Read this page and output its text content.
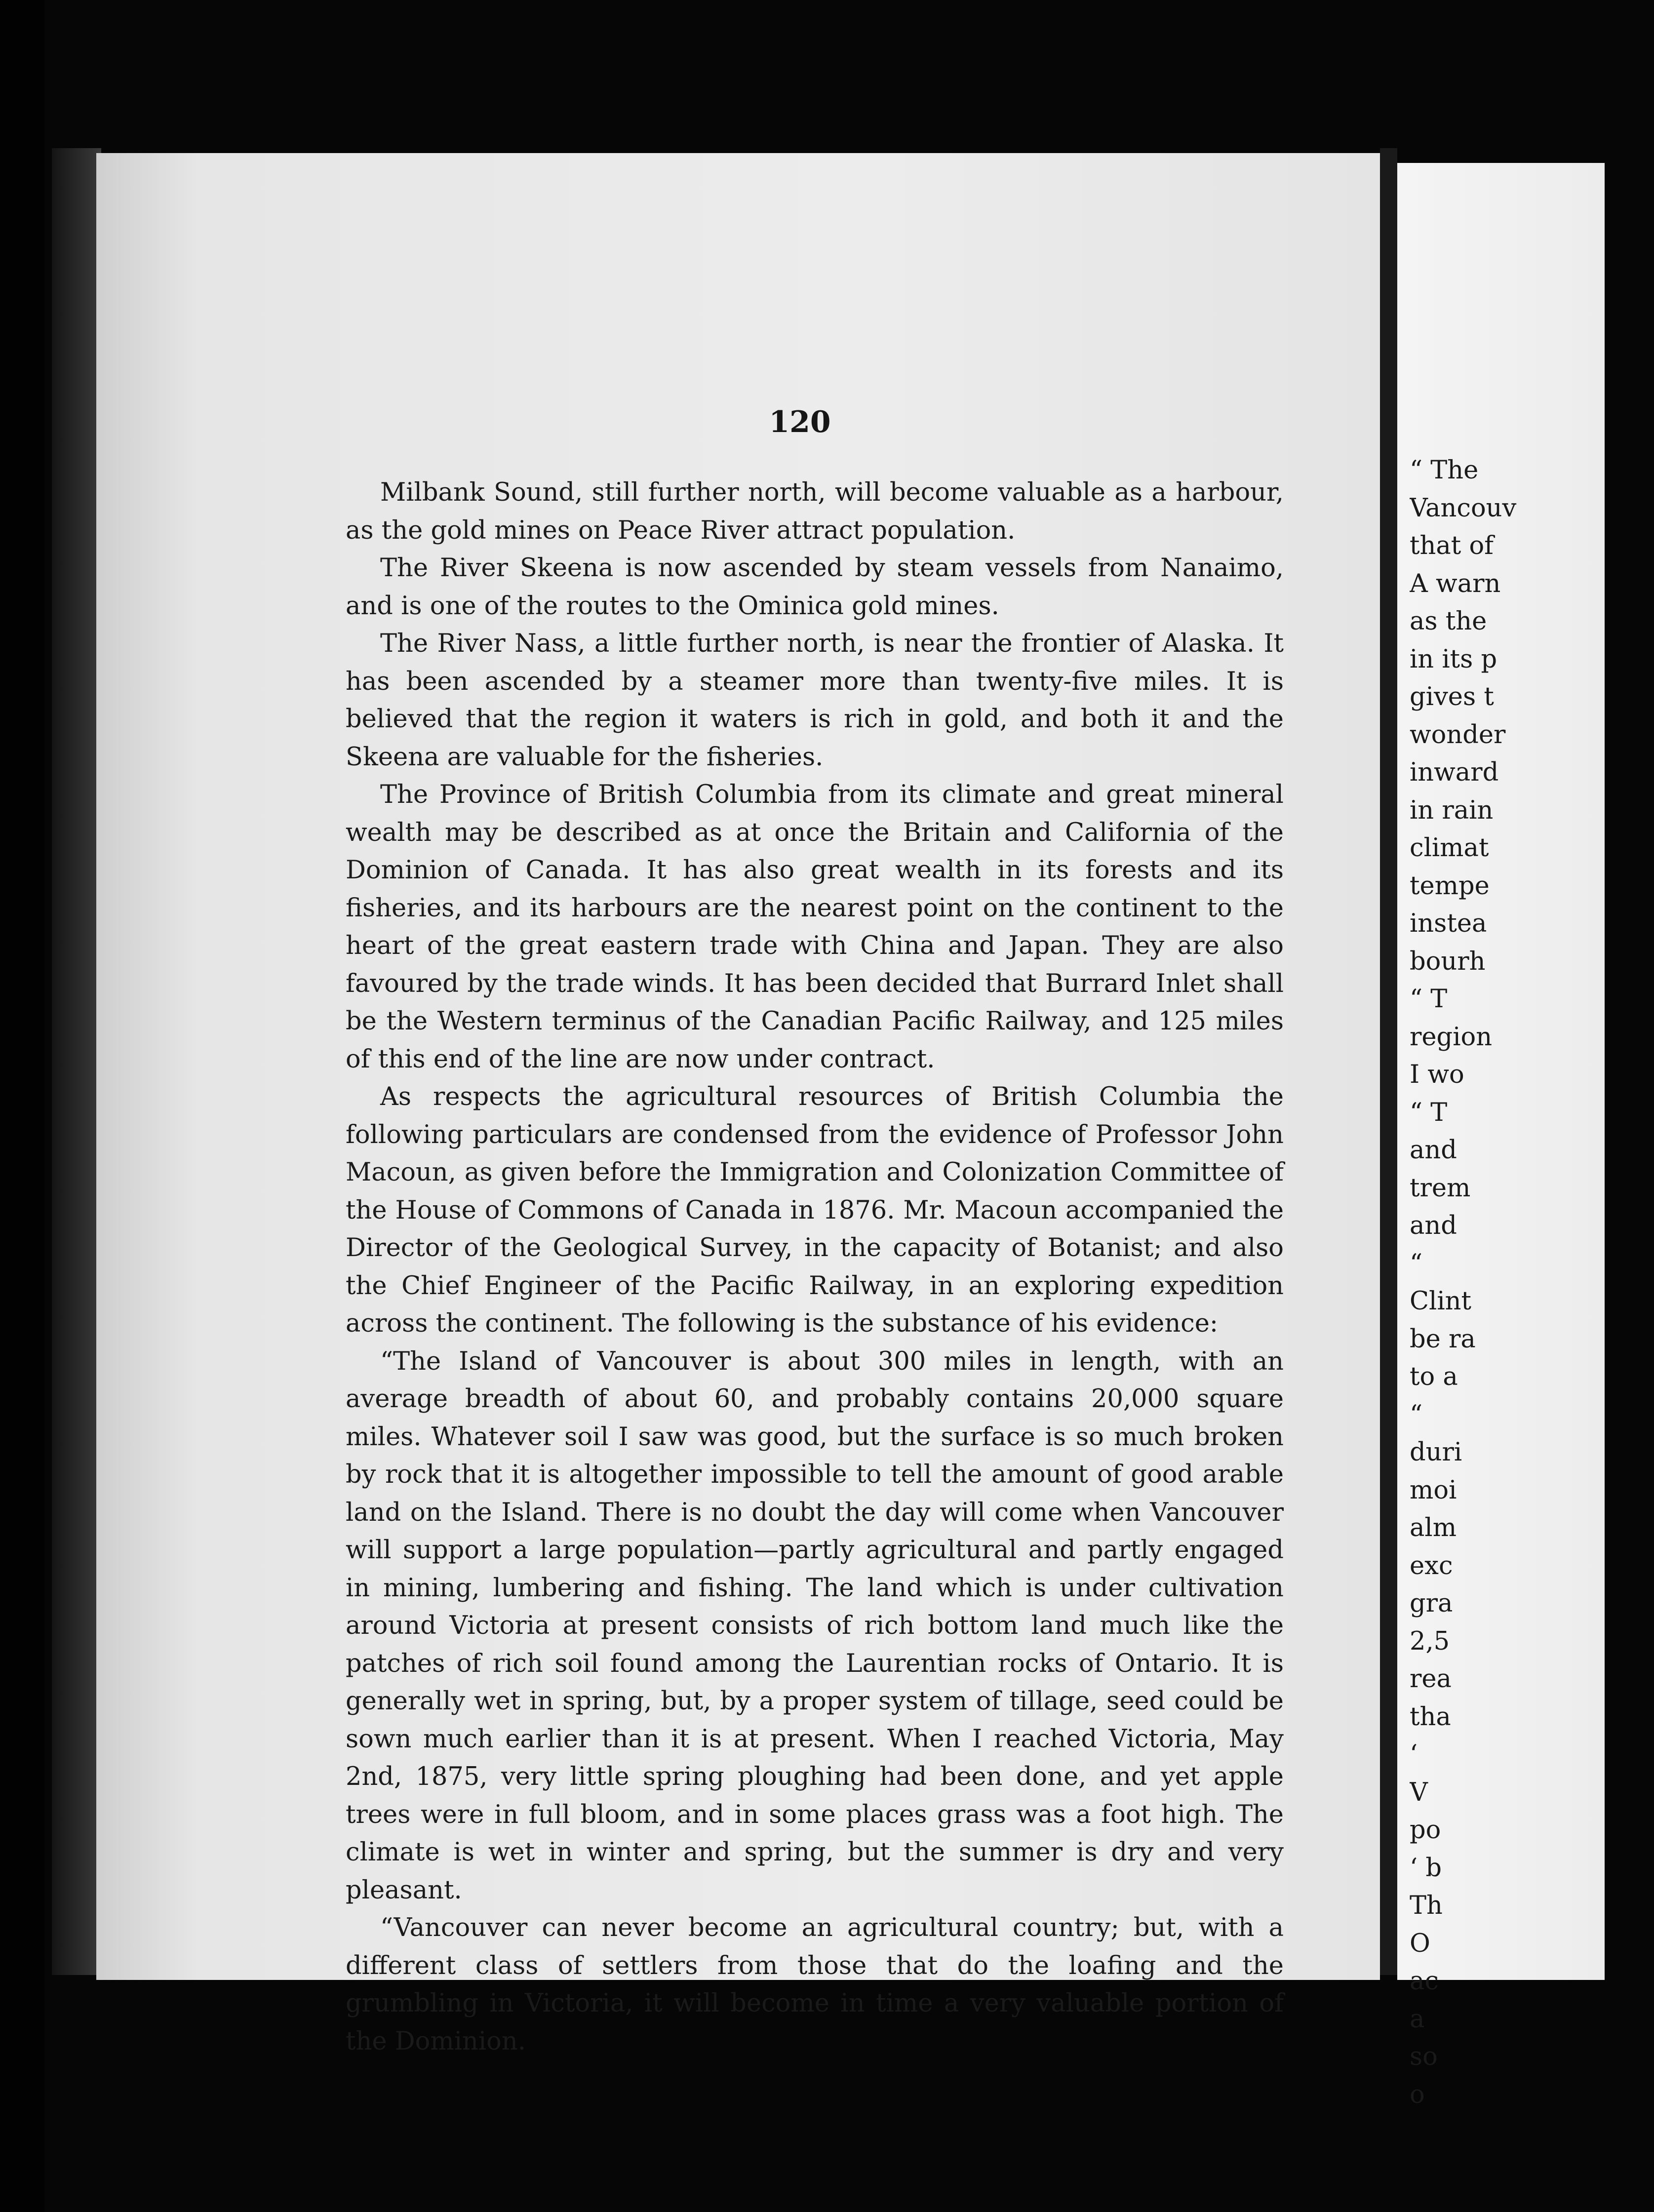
120

Milbank Sound, still further north, will become valuable as a harbour, as the gold mines on Peace River attract population.

The River Skeena is now ascended by steam vessels from Nanaimo, and is one of the routes to the Ominica gold mines.

The River Nass, a little further north, is near the frontier of Alaska. It has been ascended by a steamer more than twenty-five miles. It is believed that the region it waters is rich in gold, and both it and the Skeena are valuable for the fisheries.

The Province of British Columbia from its climate and great mineral wealth may be described as at once the Britain and California of the Dominion of Canada. It has also great wealth in its forests and its fisheries, and its harbours are the nearest point on the continent to the heart of the great eastern trade with China and Japan. They are also favoured by the trade winds. It has been decided that Burrard Inlet shall be the Western terminus of the Canadian Pacific Railway, and 125 miles of this end of the line are now under contract.

As respects the agricultural resources of British Columbia the following particulars are condensed from the evidence of Professor John Macoun, as given before the Immigration and Colonization Committee of the House of Commons of Canada in 1876. Mr. Macoun accompanied the Director of the Geological Survey, in the capacity of Botanist; and also the Chief Engineer of the Pacific Railway, in an exploring expedition across the continent. The following is the substance of his evidence:

“The Island of Vancouver is about 300 miles in length, with an average breadth of about 60, and probably contains 20,000 square miles. Whatever soil I saw was good, but the surface is so much broken by rock that it is altogether impossible to tell the amount of good arable land on the Island. There is no doubt the day will come when Vancouver will support a large population—partly agricultural and partly engaged in mining, lumbering and fishing. The land which is under cultivation around Victoria at present consists of rich bottom land much like the patches of rich soil found among the Laurentian rocks of Ontario. It is generally wet in spring, but, by a proper system of tillage, seed could be sown much earlier than it is at present. When I reached Victoria, May 2nd, 1875, very little spring ploughing had been done, and yet apple trees were in full bloom, and in some places grass was a foot high. The climate is wet in winter and spring, but the summer is dry and very pleasant.

“Vancouver can never become an agricultural country; but, with a different class of settlers from those that do the loafing and the grumbling in Victoria, it will become in time a very valuable portion of the Dominion.

“ The
Vancouv
that of
A warn
as the
in its p
gives t
wonder
inward
in rain
climat
tempe
instea
bourh
“ T
region
I wo
“ T
and
trem
and
“
Clint
be ra
to a
“
duri
moi
alm
exc
gra
2,5
rea
tha
‘
V
po
‘ b
Th
O
ac
a
so
o
